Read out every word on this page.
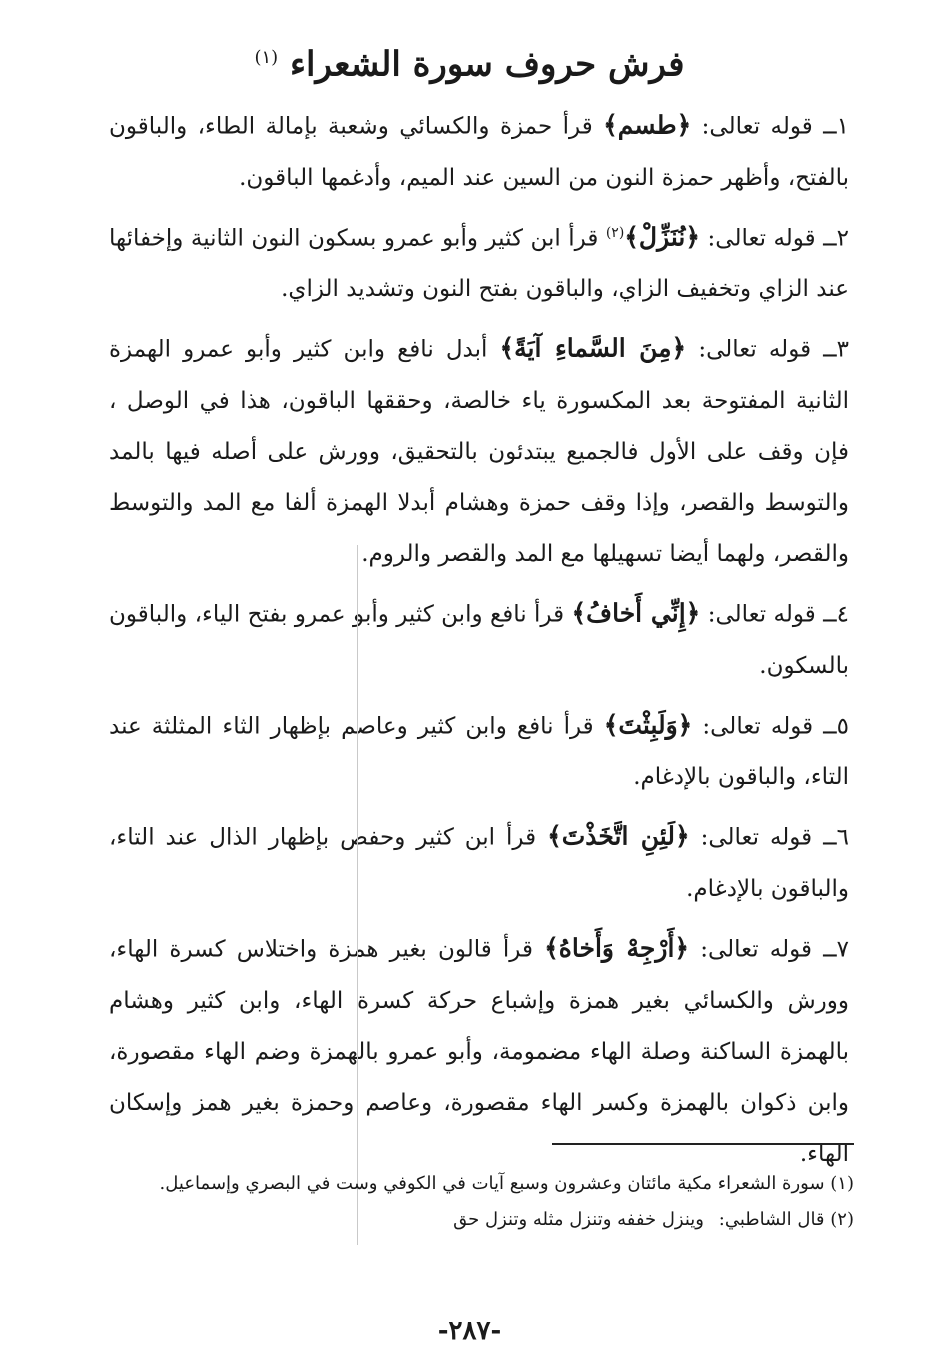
فرش حروف سورة الشعراء $^{(١)}$

١ــ قوله تعالى: ﴿طسم﴾ قرأ حمزة والكسائي وشعبة بإمالة الطاء، والباقون بالفتح، وأظهر حمزة النون من السين عند الميم، وأدغمها الباقون.

٢ــ قوله تعالى: ﴿نُنَزِّلْ﴾$^{(٢)}$ قرأ ابن كثير وأبو عمرو بسكون النون الثانية وإخفائها عند الزاي وتخفيف الزاي، والباقون بفتح النون وتشديد الزاي.

٣ــ قوله تعالى: ﴿مِنَ السَّماءِ آيَةً﴾ أبدل نافع وابن كثير وأبو عمرو الهمزة الثانية المفتوحة بعد المكسورة ياء خالصة، وحققها الباقون، هذا في الوصل ، فإن وقف على الأول فالجميع يبتدئون بالتحقيق، وورش على أصله فيها بالمد والتوسط والقصر، وإذا وقف حمزة وهشام أبدلا الهمزة ألفا مع المد والتوسط والقصر، ولهما أيضا تسهيلها مع المد والقصر والروم.

٤ــ قوله تعالى: ﴿إِنِّي أَخافُ﴾ قرأ نافع وابن كثير وأبو عمرو بفتح الياء، والباقون بالسكون.

٥ــ قوله تعالى: ﴿وَلَبِثْتَ﴾ قرأ نافع وابن كثير وعاصم بإظهار الثاء المثلثة عند التاء، والباقون بالإدغام.

٦ــ قوله تعالى: ﴿لَئِنِ اتَّخَذْتَ﴾ قرأ ابن كثير وحفص بإظهار الذال عند التاء، والباقون بالإدغام.

٧ــ قوله تعالى: ﴿أَرْجِهْ وَأَخاهُ﴾ قرأ قالون بغير همزة واختلاس كسرة الهاء، وورش والكسائي بغير همزة وإشباع حركة كسرة الهاء، وابن كثير وهشام بالهمزة الساكنة وصلة الهاء مضمومة، وأبو عمرو بالهمزة وضم الهاء مقصورة، وابن ذكوان بالهمزة وكسر الهاء مقصورة، وعاصم وحمزة بغير همز وإسكان الهاء.

(١) سورة الشعراء مكية مائتان وعشرون وسبع آيات في الكوفي وست في البصري وإسماعيل.
(٢) قال الشاطبي:وينزل خففه وتنزل مثله وتنزل حق
-٢٨٧-
